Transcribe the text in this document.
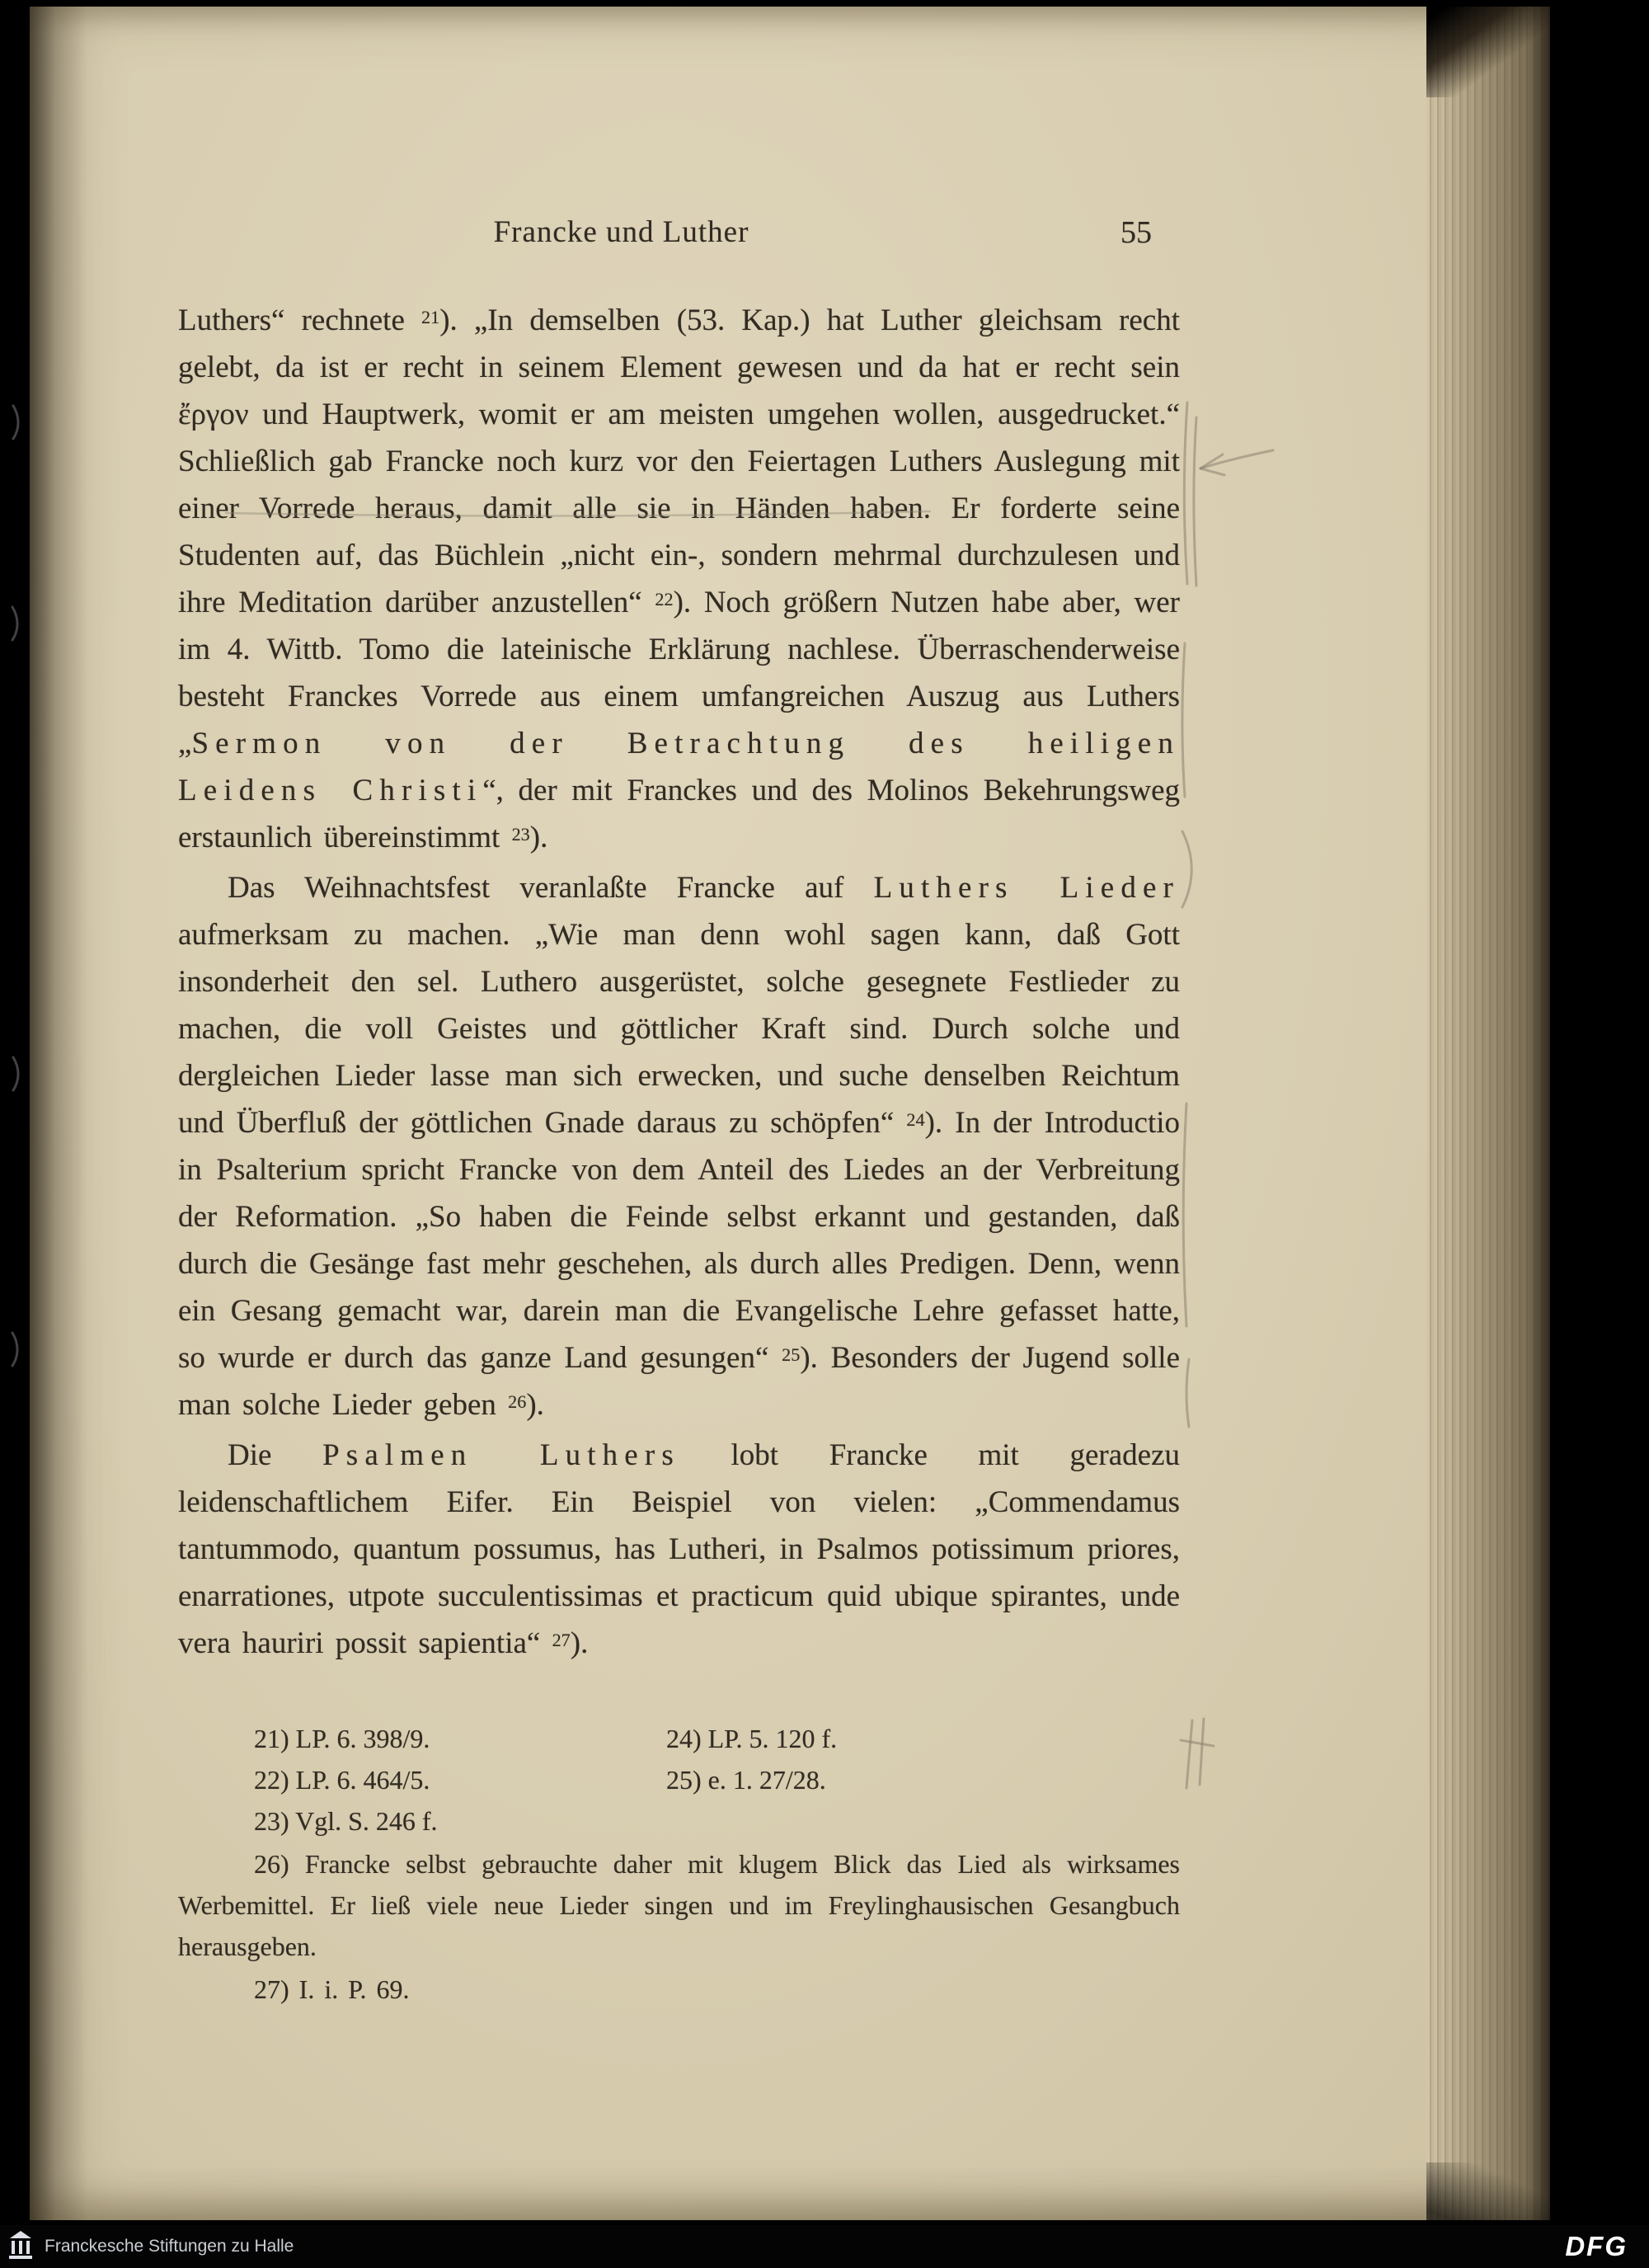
Francke und Luther	55

Luthers“ rechnete $^{21}$). „In demselben (53. Kap.) hat Luther gleichsam recht gelebt, da ist er recht in seinem Element gewesen und da hat er recht sein ἔργον und Hauptwerk, womit er am meisten umgehen wollen, ausgedrucket.“ Schließlich gab Francke noch kurz vor den Feiertagen Luthers Auslegung mit einer Vorrede heraus, damit alle sie in Händen haben. Er forderte seine Studenten auf, das Büchlein „nicht ein-, sondern mehrmal durchzulesen und ihre Meditation darüber anzustellen“ $^{22}$). Noch größern Nutzen habe aber, wer im 4. Wittb. Tomo die lateinische Erklärung nachlese. Überraschenderweise besteht Franckes Vorrede aus einem umfangreichen Auszug aus Luthers „Sermon von der Betrachtung des heiligen Leidens Christi“, der mit Franckes und des Molinos Bekehrungsweg erstaunlich übereinstimmt $^{23}$).

Das Weihnachtsfest veranlaßte Francke auf Luthers Lieder aufmerksam zu machen. „Wie man denn wohl sagen kann, daß Gott insonderheit den sel. Luthero ausgerüstet, solche gesegnete Festlieder zu machen, die voll Geistes und göttlicher Kraft sind. Durch solche und dergleichen Lieder lasse man sich erwecken, und suche denselben Reichtum und Überfluß der göttlichen Gnade daraus zu schöpfen“ $^{24}$). In der Introductio in Psalterium spricht Francke von dem Anteil des Liedes an der Verbreitung der Reformation. „So haben die Feinde selbst erkannt und gestanden, daß durch die Gesänge fast mehr geschehen, als durch alles Predigen. Denn, wenn ein Gesang gemacht war, darein man die Evangelische Lehre gefasset hatte, so wurde er durch das ganze Land gesungen“ $^{25}$). Besonders der Jugend solle man solche Lieder geben $^{26}$).

Die Psalmen Luthers lobt Francke mit geradezu leidenschaftlichem Eifer. Ein Beispiel von vielen: „Commendamus tantummodo, quantum possumus, has Lutheri, in Psalmos potissimum priores, enarrationes, utpote succulentissimas et practicum quid ubique spirantes, unde vera hauriri possit sapientia“ $^{27}$).

21) LP. 6. 398/9.

22) LP. 6. 464/5.

23) Vgl. S. 246 f.

24) LP. 5. 120 f.

25) e. 1. 27/28.

26) Francke selbst gebrauchte daher mit klugem Blick das Lied als wirksames Werbemittel. Er ließ viele neue Lieder singen und im Freylinghausischen Gesangbuch herausgeben.

27) I. i. P. 69.

Franckesche Stiftungen zu Halle	DFG
